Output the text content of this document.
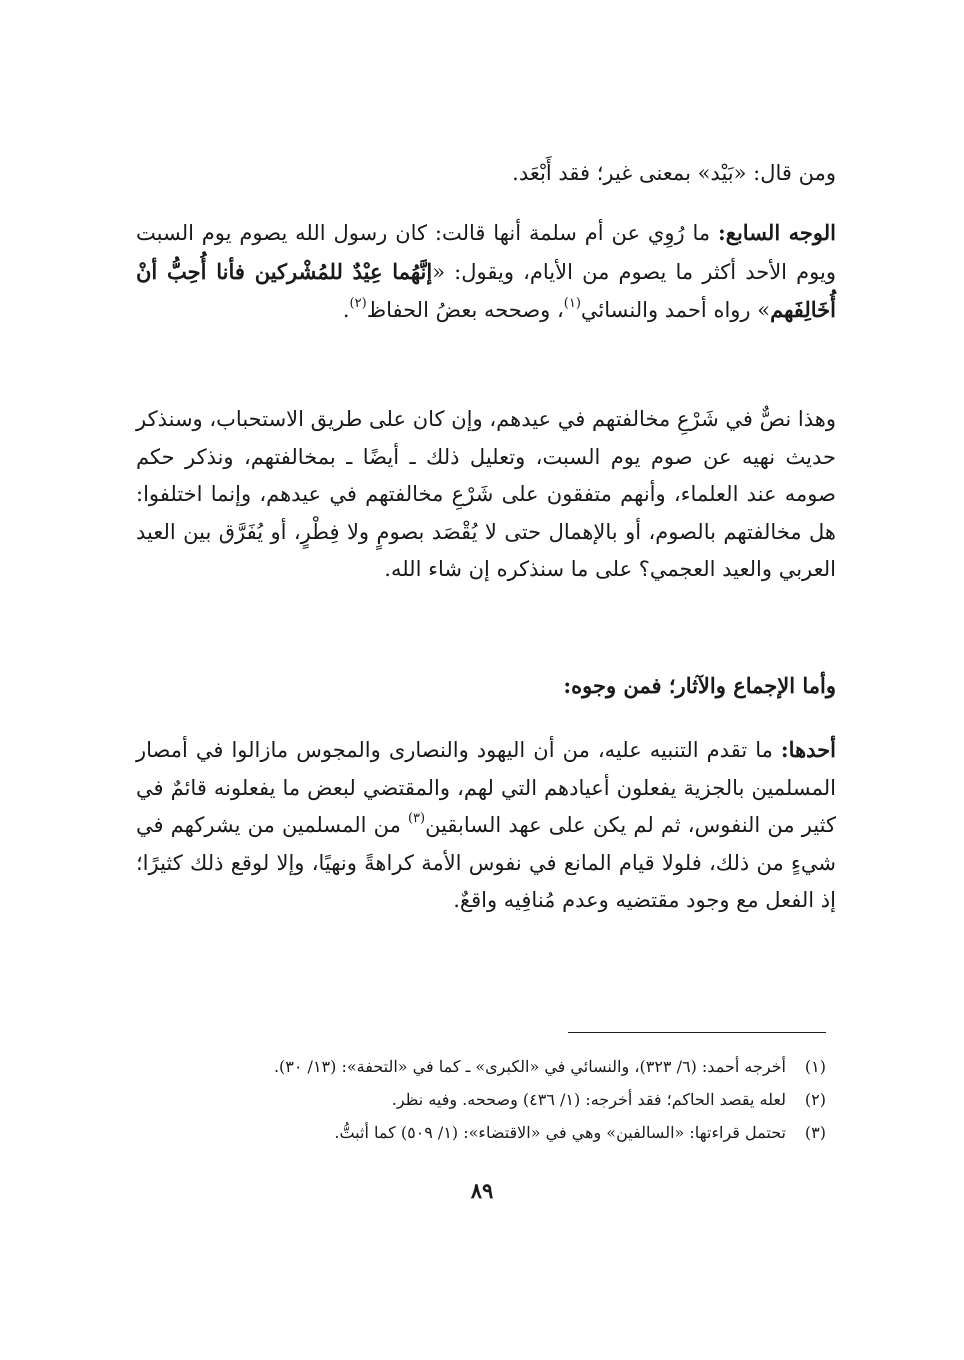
ومن قال: «بَيْد» بمعنى غير؛ فقد أَبْعَد.
الوجه السابع: ما رُوِي عن أم سلمة أنها قالت: كان رسول الله يصوم يوم السبت ويوم الأحد أكثر ما يصوم من الأيام، ويقول: «إنَّهُما عِيْدٌ للمُشْركين فأنا أُحِبُّ أنْ أُخَالِفَهم» رواه أحمد والنسائي$^{(١)}$، وصححه بعضُ الحفاظ$^{(٢)}$.
وهذا نصٌّ في شَرْعِ مخالفتهم في عيدهم، وإن كان على طريق الاستحباب، وسنذكر حديث نهيه عن صوم يوم السبت، وتعليل ذلك ـ أيضًا ـ بمخالفتهم، ونذكر حكم صومه عند العلماء، وأنهم متفقون على شَرْعِ مخالفتهم في عيدهم، وإنما اختلفوا: هل مخالفتهم بالصوم، أو بالإهمال حتى لا يُقْصَد بصومٍ ولا فِطْرٍ، أو يُفَرَّق بين العيد العربي والعيد العجمي؟ على ما سنذكره إن شاء الله.
وأما الإجماع والآثار؛ فمن وجوه:
أحدها: ما تقدم التنبيه عليه، من أن اليهود والنصارى والمجوس مازالوا في أمصار المسلمين بالجزية يفعلون أعيادهم التي لهم، والمقتضي لبعض ما يفعلونه قائمٌ في كثير من النفوس، ثم لم يكن على عهد السابقين$^{(٣)}$ من المسلمين من يشركهم في شيءٍ من ذلك، فلولا قيام المانع في نفوس الأمة كراهةً ونهيًا، وإلا لوقع ذلك كثيرًا؛ إذ الفعل مع وجود مقتضيه وعدم مُنافِيه واقعٌ.
(١)
أخرجه أحمد: (٦/ ٣٢٣)، والنسائي في «الكبرى» ـ كما في «التحفة»: (١٣/ ٣٠).
(٢)
لعله يقصد الحاكم؛ فقد أخرجه: (١/ ٤٣٦) وصححه. وفيه نظر.
(٣)
تحتمل قراءتها: «السالفين» وهي في «الاقتضاء»: (١/ ٥٠٩) كما أثبتُّ.
٨٩
